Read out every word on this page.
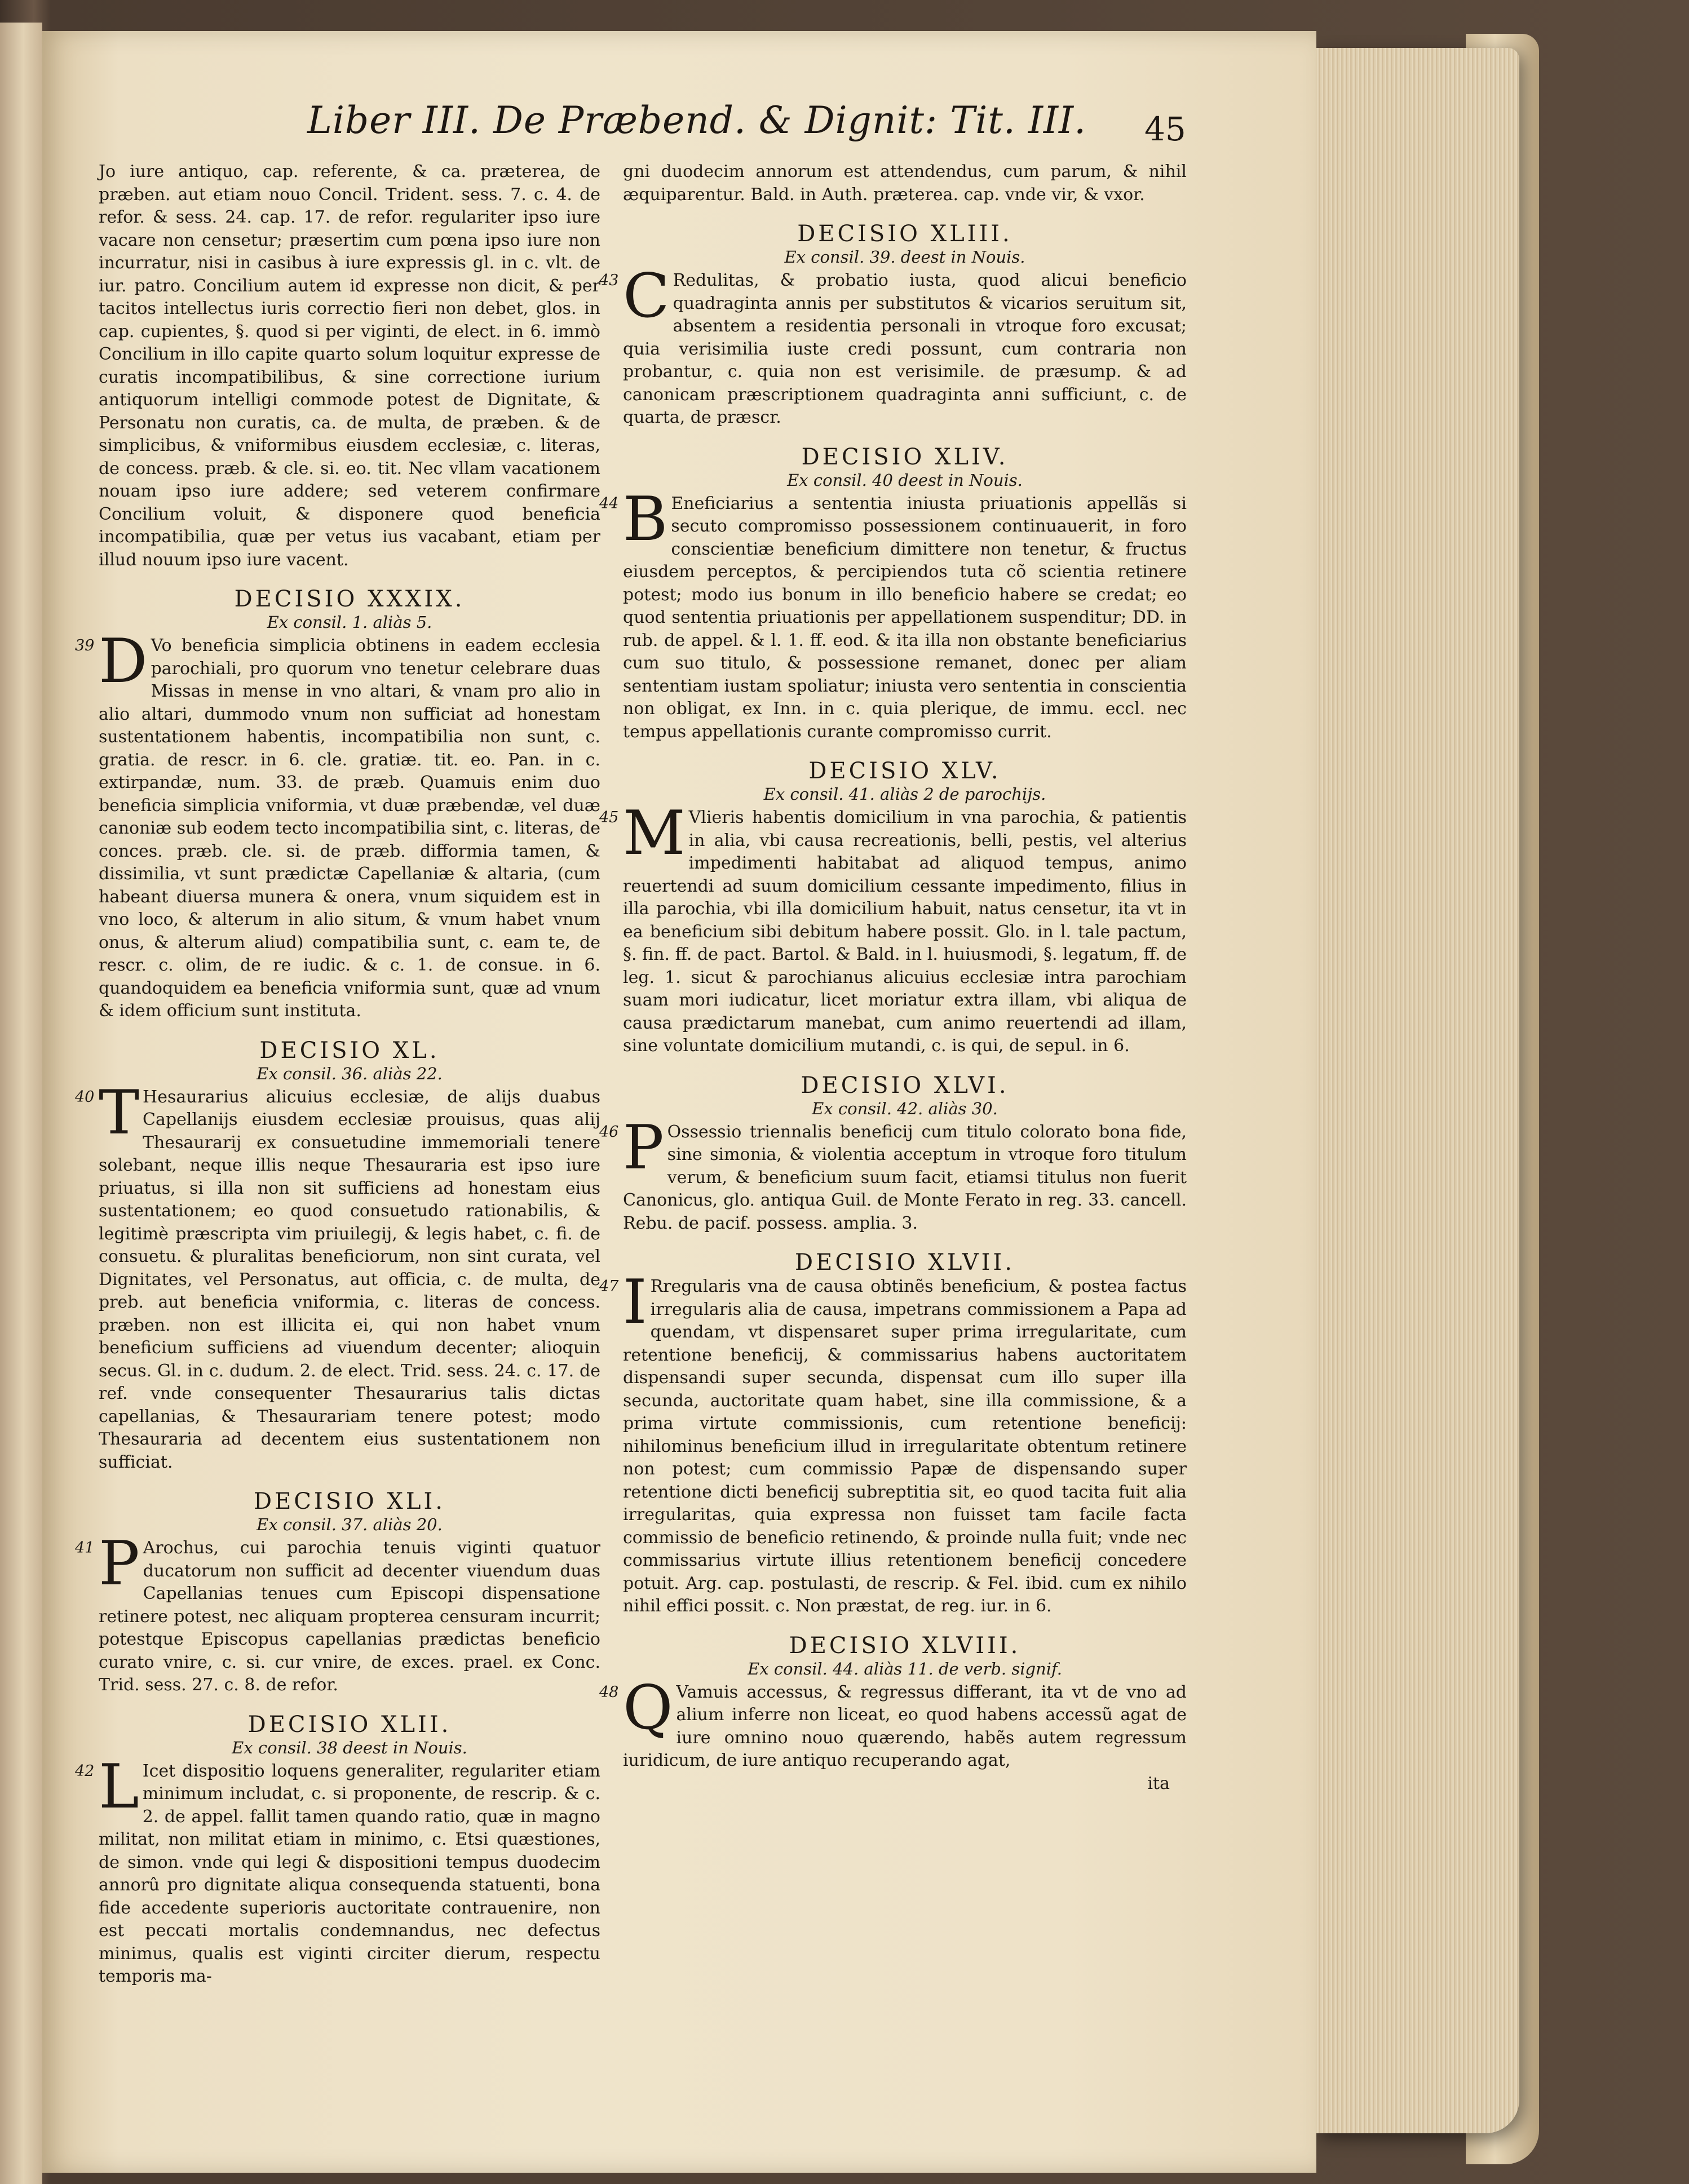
Liber III. De Præbend. & Dignit: Tit. III.	45

Jo iure antiquo, cap. referente, & ca. præterea, de præben. aut etiam nouo Concil. Trident. sess. 7. c. 4. de refor. & sess. 24. cap. 17. de refor. regulariter ipso iure vacare non censetur; præsertim cum pœna ipso iure non incurratur, nisi in casibus à iure expressis gl. in c. vlt. de iur. patro. Concilium autem id expresse non dicit, & per tacitos intellectus iuris correctio fieri non debet, glos. in cap. cupientes, §. quod si per viginti, de elect. in 6. immò Concilium in illo capite quarto solum loquitur expresse de curatis incompatibilibus, & sine correctione iurium antiquorum intelligi commode potest de Dignitate, & Personatu non curatis, ca. de multa, de præben. & de simplicibus, & vniformibus eiusdem ecclesiæ, c. literas, de concess. præb. & cle. si. eo. tit. Nec vllam vacationem nouam ipso iure addere; sed veterem confirmare Concilium voluit, & disponere quod beneficia incompatibilia, quæ per vetus ius vacabant, etiam per illud nouum ipso iure vacent.

DECISIO XXXIX.
Ex consil. 1. aliàs 5.
39 D Vo beneficia simplicia obtinens in eadem ecclesia parochiali, pro quorum vno tenetur celebrare duas Missas in mense in vno altari, & vnam pro alio in alio altari, dummodo vnum non sufficiat ad honestam sustentationem habentis, incompatibilia non sunt, c. gratia. de rescr. in 6. cle. gratiæ. tit. eo. Pan. in c. extirpandæ, num. 33. de præb. Quamuis enim duo beneficia simplicia vniformia, vt duæ præbendæ, vel duæ canoniæ sub eodem tecto incompatibilia sint, c. literas, de conces. præb. cle. si. de præb. difformia tamen, & dissimilia, vt sunt prædictæ Capellaniæ & altaria, (cum habeant diuersa munera & onera, vnum siquidem est in vno loco, & alterum in alio situm, & vnum habet vnum onus, & alterum aliud) compatibilia sunt, c. eam te, de rescr. c. olim, de re iudic. & c. 1. de consue. in 6. quandoquidem ea beneficia vniformia sunt, quæ ad vnum & idem officium sunt instituta.

DECISIO XL.
Ex consil. 36. aliàs 22.
40 T Hesaurarius alicuius ecclesiæ, de alijs duabus Capellanijs eiusdem ecclesiæ prouisus, quas alij Thesaurarij ex consuetudine immemoriali tenere solebant, neque illis neque Thesauraria est ipso iure priuatus, si illa non sit sufficiens ad honestam eius sustentationem; eo quod consuetudo rationabilis, & legitimè præscripta vim priuilegij, & legis habet, c. fi. de consuetu. & pluralitas beneficiorum, non sint curata, vel Dignitates, vel Personatus, aut officia, c. de multa, de preb. aut beneficia vniformia, c. literas de concess. præben. non est illicita ei, qui non habet vnum beneficium sufficiens ad viuendum decenter; alioquin secus. Gl. in c. dudum. 2. de elect. Trid. sess. 24. c. 17. de ref. vnde consequenter Thesaurarius talis dictas capellanias, & Thesaurariam tenere potest; modo Thesauraria ad decentem eius sustentationem non sufficiat.

DECISIO XLI.
Ex consil. 37. aliàs 20.
41 P Arochus, cui parochia tenuis viginti quatuor ducatorum non sufficit ad decenter viuendum duas Capellanias tenues cum Episcopi dispensatione retinere potest, nec aliquam propterea censuram incurrit; potestque Episcopus capellanias prædictas beneficio curato vnire, c. si. cur vnire, de exces. prael. ex Conc. Trid. sess. 27. c. 8. de refor.

DECISIO XLII.
Ex consil. 38 deest in Nouis.
42 L Icet dispositio loquens generaliter, regulariter etiam minimum includat, c. si proponente, de rescrip. & c. 2. de appel. fallit tamen quando ratio, quæ in magno militat, non militat etiam in minimo, c. Etsi quæstiones, de simon. vnde qui legi & dispositioni tempus duodecim annorû pro dignitate aliqua consequenda statuenti, bona fide accedente superioris auctoritate contrauenire, non est peccati mortalis condemnandus, nec defectus minimus, qualis est viginti circiter dierum, respectu temporis ma-

gni duodecim annorum est attendendus, cum parum, & nihil æquiparentur. Bald. in Auth. præterea. cap. vnde vir, & vxor.

DECISIO XLIII.
Ex consil. 39. deest in Nouis.
43 C Redulitas, & probatio iusta, quod alicui beneficio quadraginta annis per substitutos & vicarios seruitum sit, absentem a residentia personali in vtroque foro excusat; quia verisimilia iuste credi possunt, cum contraria non probantur, c. quia non est verisimile. de præsump. & ad canonicam præscriptionem quadraginta anni sufficiunt, c. de quarta, de præscr.

DECISIO XLIV.
Ex consil. 40 deest in Nouis.
44 B Eneficiarius a sententia iniusta priuationis appellãs si secuto compromisso possessionem continuauerit, in foro conscientiæ beneficium dimittere non tenetur, & fructus eiusdem perceptos, & percipiendos tuta cõ scientia retinere potest; modo ius bonum in illo beneficio habere se credat; eo quod sententia priuationis per appellationem suspenditur; DD. in rub. de appel. & l. 1. ff. eod. & ita illa non obstante beneficiarius cum suo titulo, & possessione remanet, donec per aliam sententiam iustam spoliatur; iniusta vero sententia in conscientia non obligat, ex Inn. in c. quia plerique, de immu. eccl. nec tempus appellationis curante compromisso currit.

DECISIO XLV.
Ex consil. 41. aliàs 2 de parochijs.
45 M Vlieris habentis domicilium in vna parochia, & patientis in alia, vbi causa recreationis, belli, pestis, vel alterius impedimenti habitabat ad aliquod tempus, animo reuertendi ad suum domicilium cessante impedimento, filius in illa parochia, vbi illa domicilium habuit, natus censetur, ita vt in ea beneficium sibi debitum habere possit. Glo. in l. tale pactum, §. fin. ff. de pact. Bartol. & Bald. in l. huiusmodi, §. legatum, ff. de leg. 1. sicut & parochianus alicuius ecclesiæ intra parochiam suam mori iudicatur, licet moriatur extra illam, vbi aliqua de causa prædictarum manebat, cum animo reuertendi ad illam, sine voluntate domicilium mutandi, c. is qui, de sepul. in 6.

DECISIO XLVI.
Ex consil. 42. aliàs 30.
46 P Ossessio triennalis beneficij cum titulo colorato bona fide, sine simonia, & violentia acceptum in vtroque foro titulum verum, & beneficium suum facit, etiamsi titulus non fuerit Canonicus, glo. antiqua Guil. de Monte Ferato in reg. 33. cancell. Rebu. de pacif. possess. amplia. 3.

DECISIO XLVII.
47 I Rregularis vna de causa obtinẽs beneficium, & postea factus irregularis alia de causa, impetrans commissionem a Papa ad quendam, vt dispensaret super prima irregularitate, cum retentione beneficij, & commissarius habens auctoritatem dispensandi super secunda, dispensat cum illo super illa secunda, auctoritate quam habet, sine illa commissione, & a prima virtute commissionis, cum retentione beneficij: nihilominus beneficium illud in irregularitate obtentum retinere non potest; cum commissio Papæ de dispensando super retentione dicti beneficij subreptitia sit, eo quod tacita fuit alia irregularitas, quia expressa non fuisset tam facile facta commissio de beneficio retinendo, & proinde nulla fuit; vnde nec commissarius virtute illius retentionem beneficij concedere potuit. Arg. cap. postulasti, de rescrip. & Fel. ibid. cum ex nihilo nihil effici possit. c. Non præstat, de reg. iur. in 6.

DECISIO XLVIII.
Ex consil. 44. aliàs 11. de verb. signif.
48 Q Vamuis accessus, & regressus differant, ita vt de vno ad alium inferre non liceat, eo quod habens accessũ agat de iure omnino nouo quærendo, habẽs autem regressum iuridicum, de iure antiquo recuperando agat,

ita
